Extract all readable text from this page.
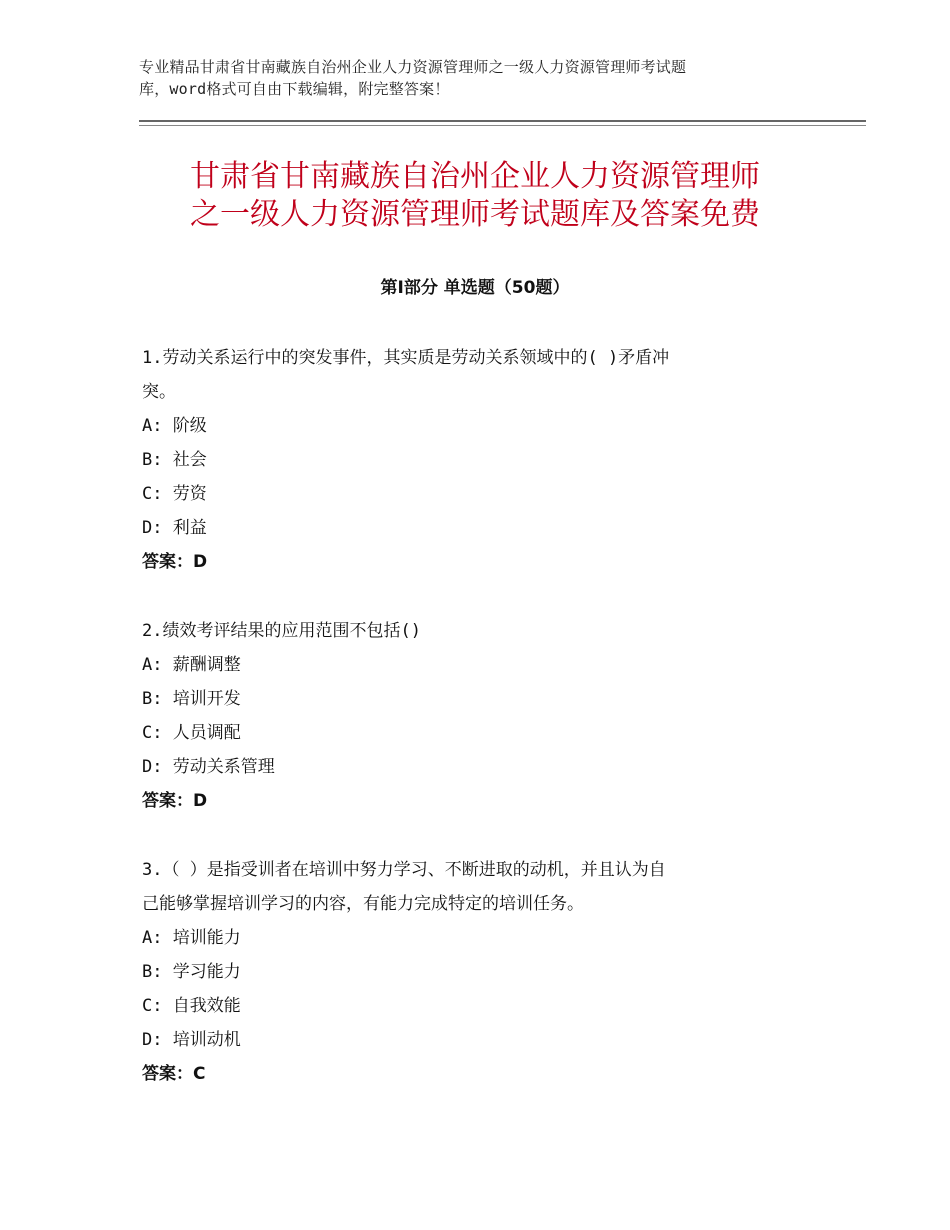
专业精品甘肃省甘南藏族自治州企业人力资源管理师之一级人力资源管理师考试题
库，word格式可自由下载编辑，附完整答案！
甘肃省甘南藏族自治州企业人力资源管理师
之一级人力资源管理师考试题库及答案免费
第Ⅰ部分 单选题（50题）

1.劳动关系运行中的突发事件，其实质是劳动关系领域中的( )矛盾冲
突。

A: 阶级

B: 社会

C: 劳资

D: 利益

答案：D

2.绩效考评结果的应用范围不包括()

A: 薪酬调整

B: 培训开发

C: 人员调配

D: 劳动关系管理

答案：D

3.（ ）是指受训者在培训中努力学习、不断进取的动机，并且认为自
己能够掌握培训学习的内容，有能力完成特定的培训任务。

A: 培训能力

B: 学习能力

C: 自我效能

D: 培训动机

答案：C
